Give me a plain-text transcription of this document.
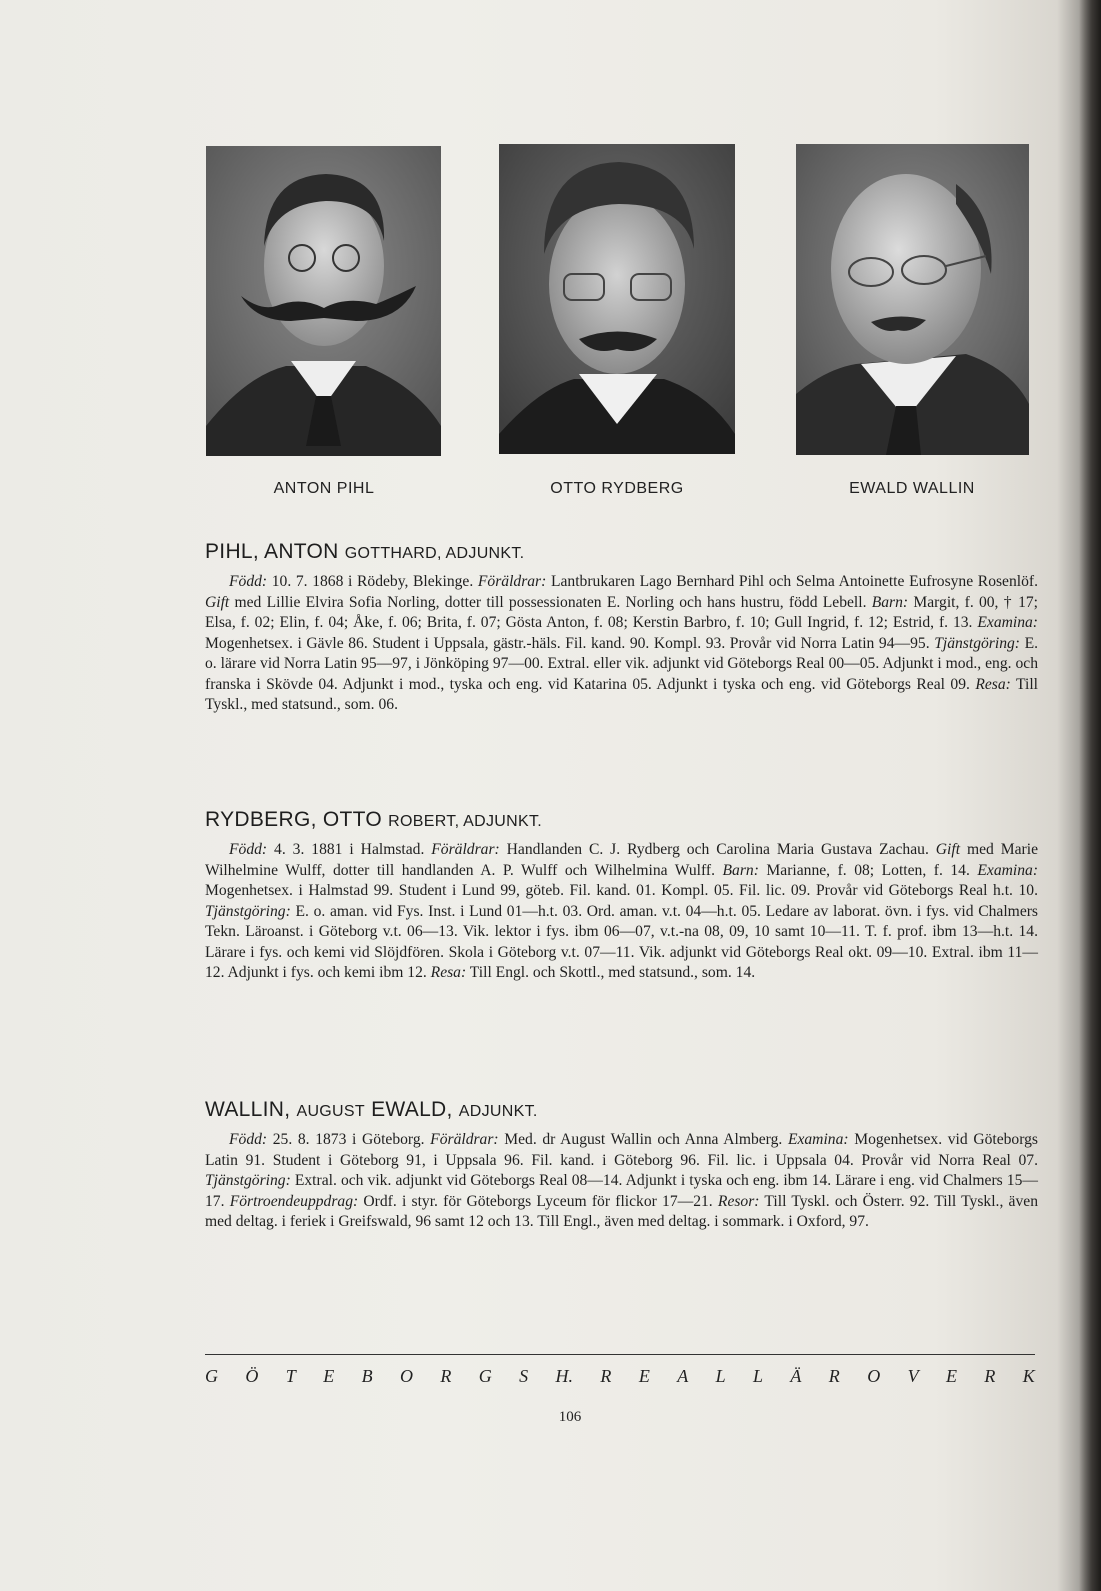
ANTON PIHL	OTTO RYDBERG	EWALD WALLIN
PIHL, ANTON GOTTHARD, ADJUNKT.

Född: 10. 7. 1868 i Rödeby, Blekinge. Föräldrar: Lantbrukaren Lago Bernhard Pihl och Selma Antoinette Eufrosyne Rosenlöf. Gift med Lillie Elvira Sofia Norling, dotter till possessionaten E. Norling och hans hustru, född Lebell. Barn: Margit, f. 00, † 17; Elsa, f. 02; Elin, f. 04; Åke, f. 06; Brita, f. 07; Gösta Anton, f. 08; Kerstin Barbro, f. 10; Gull Ingrid, f. 12; Estrid, f. 13. Examina: Mogenhetsex. i Gävle 86. Student i Uppsala, gästr.-häls. Fil. kand. 90. Kompl. 93. Provår vid Norra Latin 94—95. Tjänstgöring: E. o. lärare vid Norra Latin 95—97, i Jönköping 97—00. Extral. eller vik. adjunkt vid Göteborgs Real 00—05. Adjunkt i mod., eng. och franska i Skövde 04. Adjunkt i mod., tyska och eng. vid Katarina 05. Adjunkt i tyska och eng. vid Göteborgs Real 09. Resa: Till Tyskl., med statsund., som. 06.

RYDBERG, OTTO ROBERT, ADJUNKT.

Född: 4. 3. 1881 i Halmstad. Föräldrar: Handlanden C. J. Rydberg och Carolina Maria Gustava Zachau. Gift med Marie Wilhelmine Wulff, dotter till handlanden A. P. Wulff och Wilhelmina Wulff. Barn: Marianne, f. 08; Lotten, f. 14. Examina: Mogenhetsex. i Halmstad 99. Student i Lund 99, göteb. Fil. kand. 01. Kompl. 05. Fil. lic. 09. Provår vid Göteborgs Real h.t. 10. Tjänstgöring: E. o. aman. vid Fys. Inst. i Lund 01—h.t. 03. Ord. aman. v.t. 04—h.t. 05. Ledare av laborat. övn. i fys. vid Chalmers Tekn. Läroanst. i Göteborg v.t. 06—13. Vik. lektor i fys. ibm 06—07, v.t.-na 08, 09, 10 samt 10—11. T. f. prof. ibm 13—h.t. 14. Lärare i fys. och kemi vid Slöjdfören. Skola i Göteborg v.t. 07—11. Vik. adjunkt vid Göteborgs Real okt. 09—10. Extral. ibm 11—12. Adjunkt i fys. och kemi ibm 12. Resa: Till Engl. och Skottl., med statsund., som. 14.

WALLIN, AUGUST EWALD, ADJUNKT.

Född: 25. 8. 1873 i Göteborg. Föräldrar: Med. dr August Wallin och Anna Almberg. Examina: Mogenhetsex. vid Göteborgs Latin 91. Student i Göteborg 91, i Uppsala 96. Fil. kand. i Göteborg 96. Fil. lic. i Uppsala 04. Provår vid Norra Real 07. Tjänstgöring: Extral. och vik. adjunkt vid Göteborgs Real 08—14. Adjunkt i tyska och eng. ibm 14. Lärare i eng. vid Chalmers 15—17. Förtroendeuppdrag: Ordf. i styr. för Göteborgs Lyceum för flickor 17—21. Resor: Till Tyskl. och Österr. 92. Till Tyskl., även med deltag. i feriek i Greifswald, 96 samt 12 och 13. Till Engl., även med deltag. i sommark. i Oxford, 97.

G Ö T E B O R G S H. R E A L L Ä R O V E R K
106
